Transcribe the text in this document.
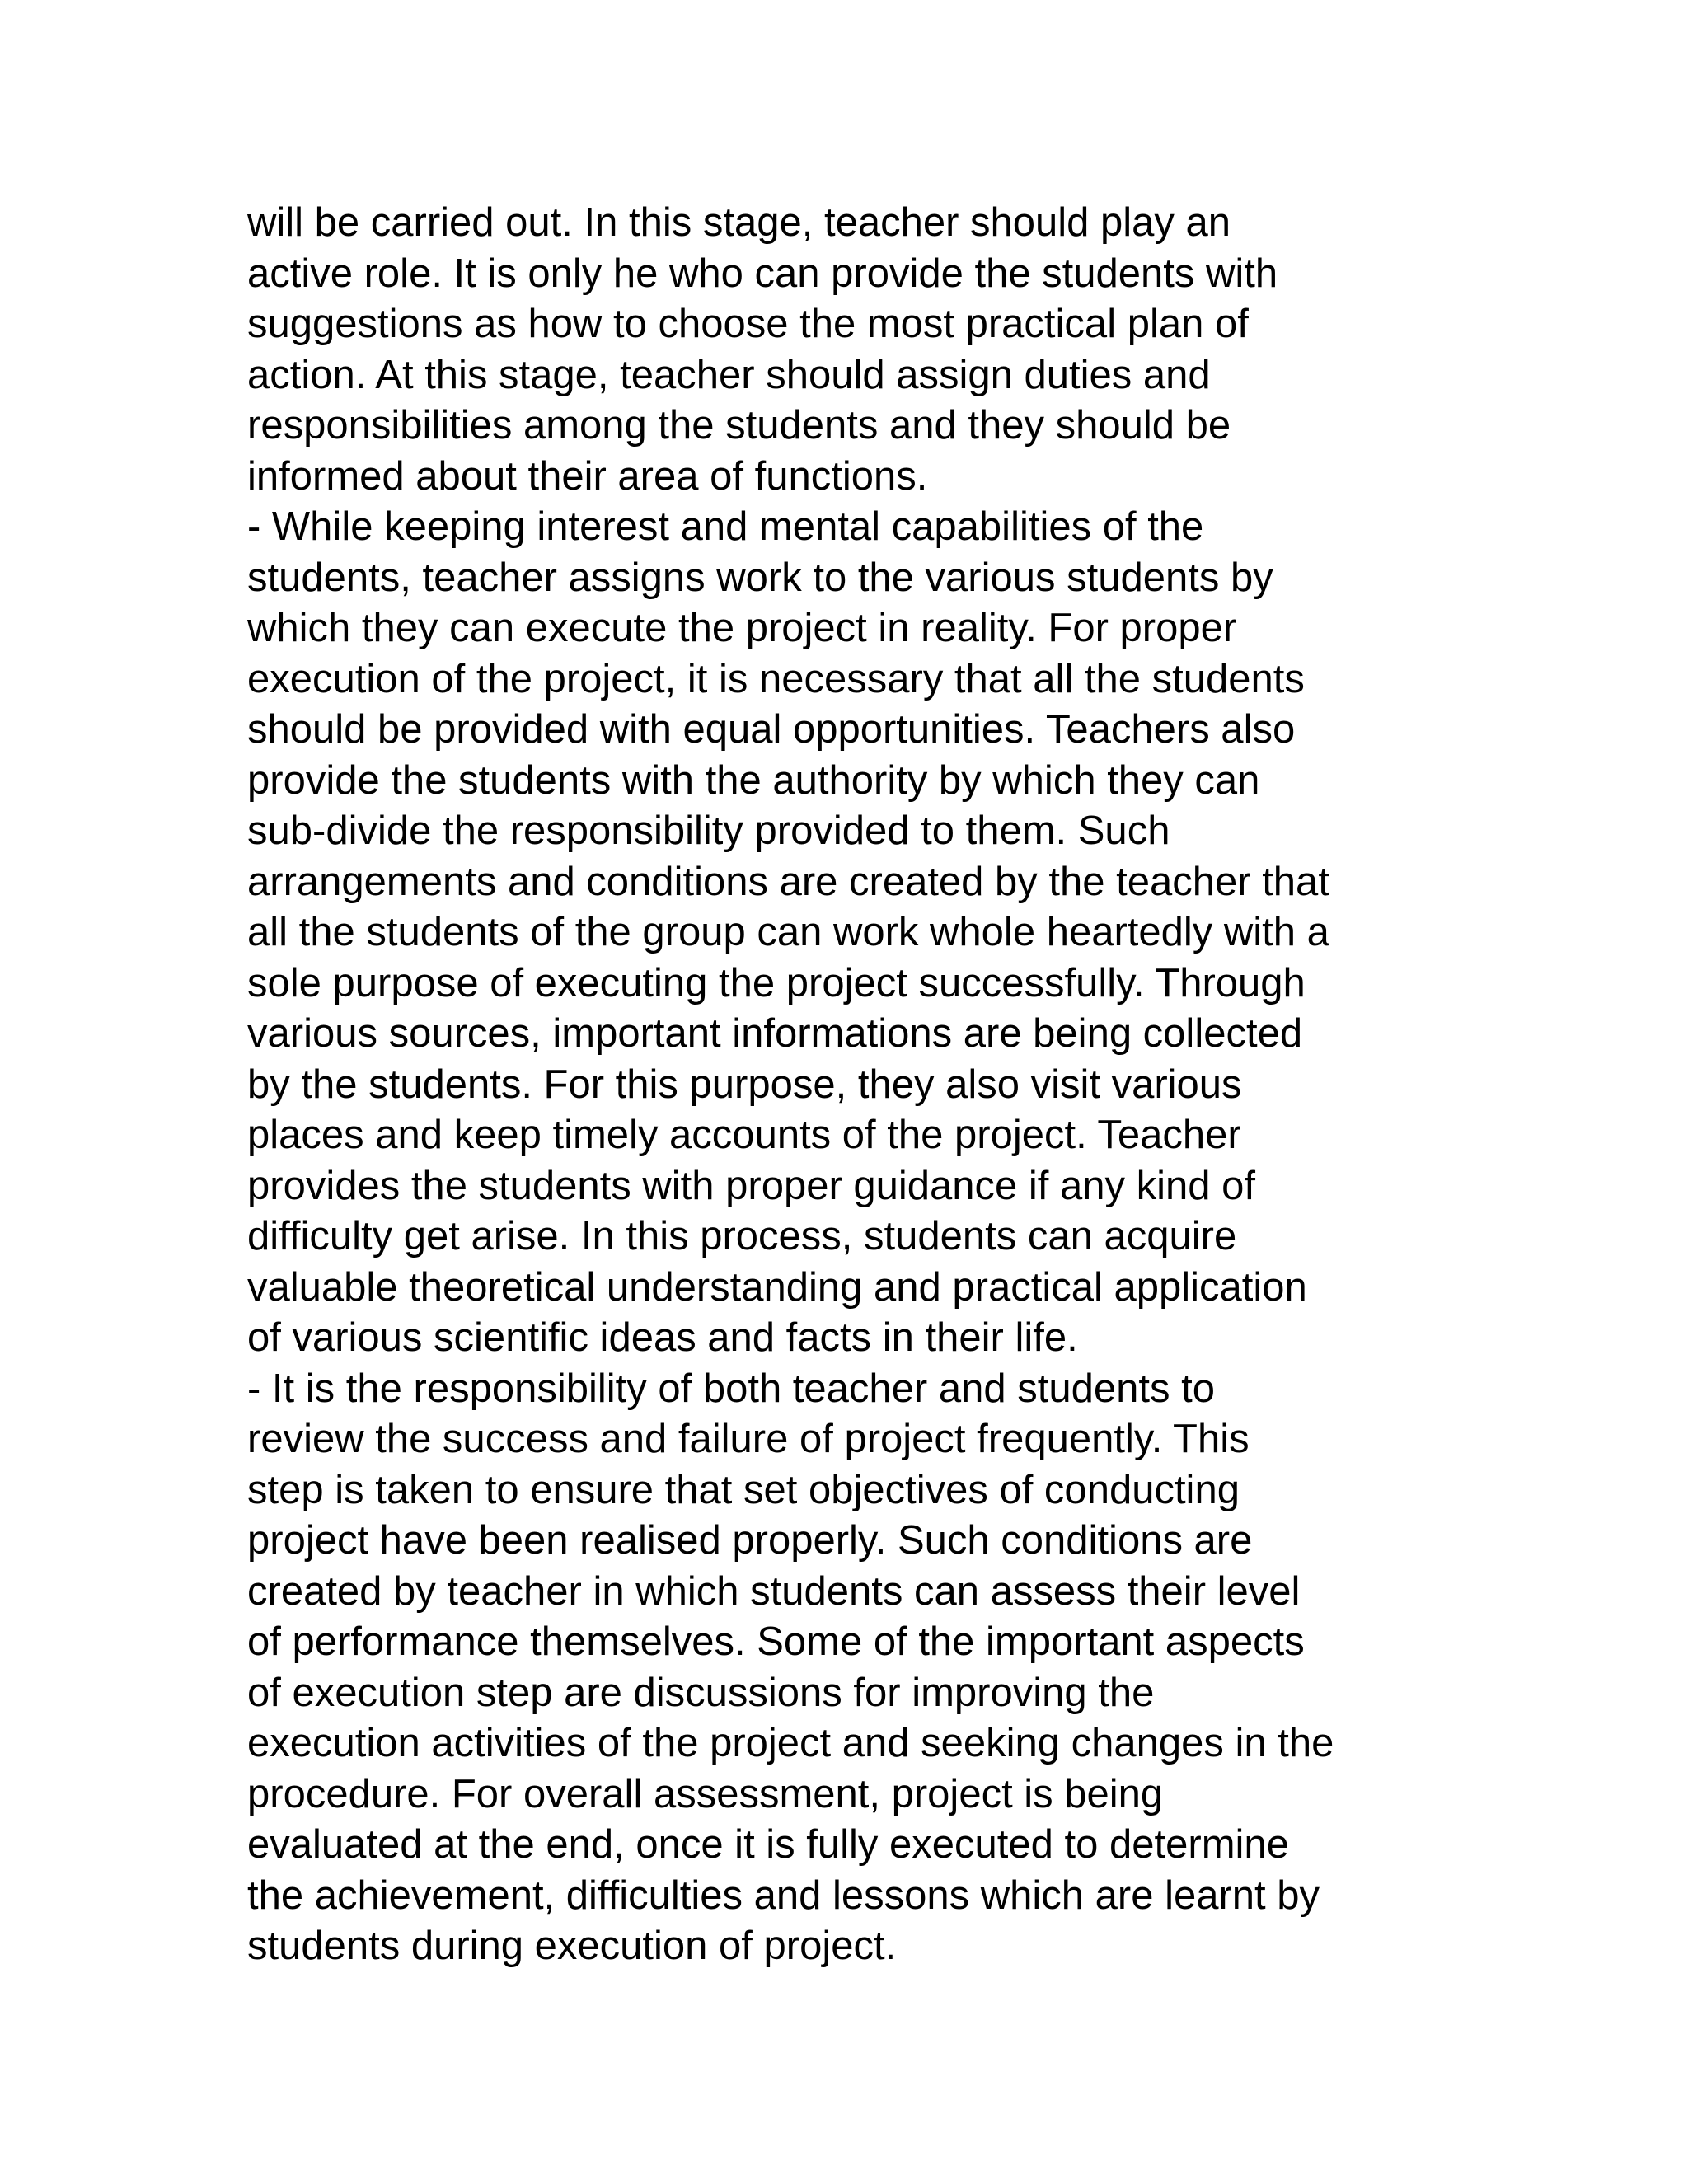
will be carried out. In this stage, teacher should play an
active role. It is only he who can provide the students with
suggestions as how to choose the most practical plan of
action. At this stage, teacher should assign duties and
responsibilities among the students and they should be
informed about their area of functions.
- While keeping interest and mental capabilities of the
students, teacher assigns work to the various students by
which they can execute the project in reality. For proper
execution of the project, it is necessary that all the students
should be provided with equal opportunities. Teachers also
provide the students with the authority by which they can
sub-divide the responsibility provided to them. Such
arrangements and conditions are created by the teacher that
all the students of the group can work whole heartedly with a
sole purpose of executing the project successfully. Through
various sources, important informations are being collected
by the students. For this purpose, they also visit various
places and keep timely accounts of the project. Teacher
provides the students with proper guidance if any kind of
difficulty get arise. In this process, students can acquire
valuable theoretical understanding and practical application
of various scientific ideas and facts in their life.
- It is the responsibility of both teacher and students to
review the success and failure of project frequently. This
step is taken to ensure that set objectives of conducting
project have been realised properly. Such conditions are
created by teacher in which students can assess their level
of performance themselves. Some of the important aspects
of execution step are discussions for improving the
execution activities of the project and seeking changes in the
procedure. For overall assessment, project is being
evaluated at the end, once it is fully executed to determine
the achievement, difficulties and lessons which are learnt by
students during execution of project.
